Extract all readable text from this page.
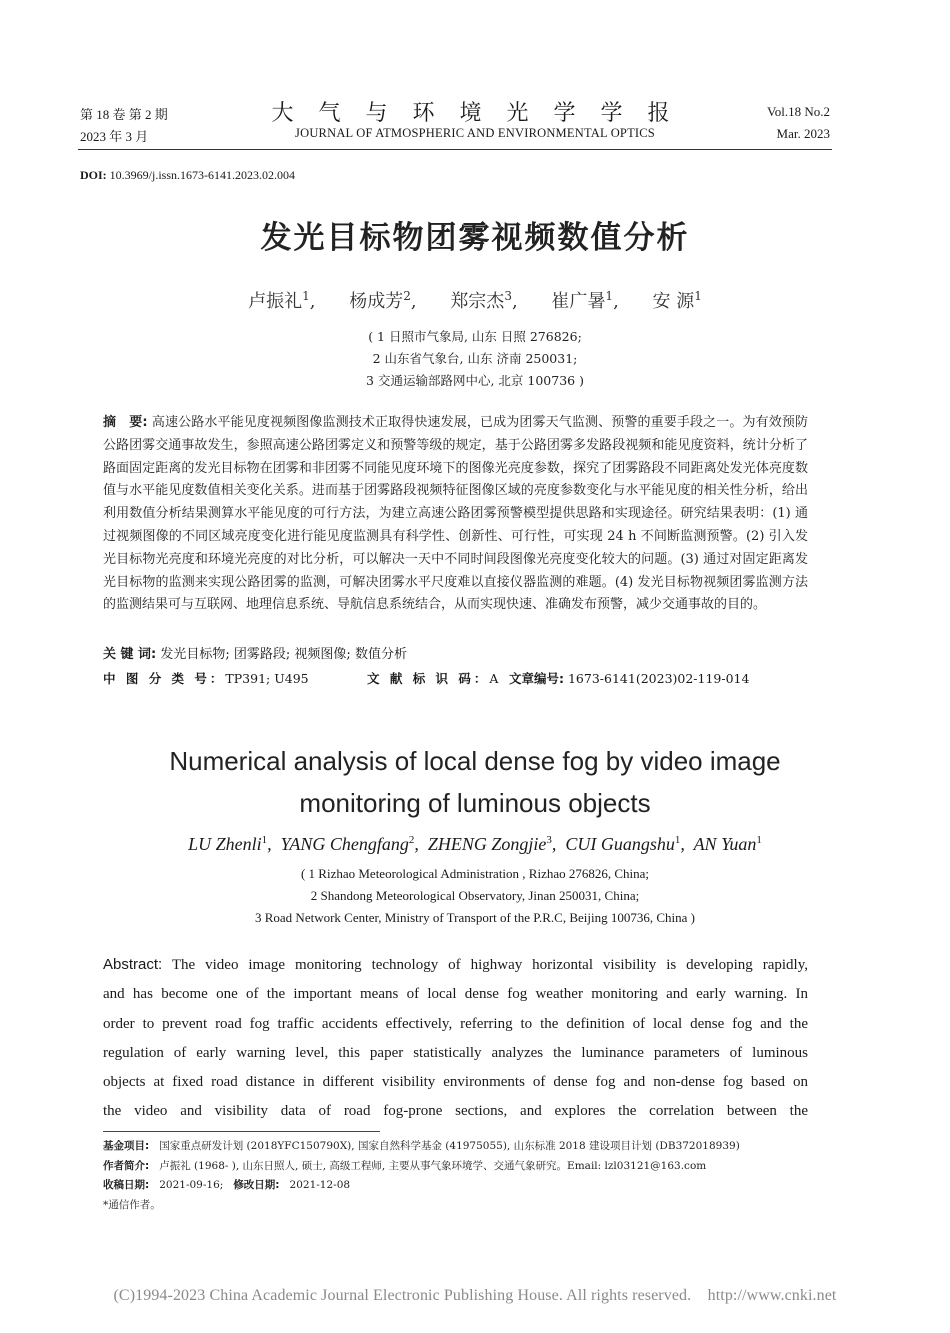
第 18 卷 第 2 期
2023 年 3 月
大 气 与 环 境 光 学 学 报
JOURNAL OF ATMOSPHERIC AND ENVIRONMENTAL OPTICS
Vol.18 No.2
Mar. 2023
DOI: 10.3969/j.issn.1673-6141.2023.02.004
发光目标物团雾视频数值分析
卢振礼$^1$, 杨成芳$^2$, 郑宗杰$^3$, 崔广暑$^1$, 安 源$^1$
( 1 日照市气象局, 山东 日照 276826;
2 山东省气象台, 山东 济南 250031;
3 交通运输部路网中心, 北京 100736 )
摘　要: 高速公路水平能见度视频图像监测技术正取得快速发展，已成为团雾天气监测、预警的重要手段之一。为有效预防公路团雾交通事故发生，参照高速公路团雾定义和预警等级的规定，基于公路团雾多发路段视频和能见度资料，统计分析了路面固定距离的发光目标物在团雾和非团雾不同能见度环境下的图像光亮度参数，探究了团雾路段不同距离处发光体亮度数值与水平能见度数值相关变化关系。进而基于团雾路段视频特征图像区域的亮度参数变化与水平能见度的相关性分析，给出利用数值分析结果测算水平能见度的可行方法，为建立高速公路团雾预警模型提供思路和实现途径。研究结果表明：(1) 通过视频图像的不同区域亮度变化进行能见度监测具有科学性、创新性、可行性，可实现 24 h 不间断监测预警。(2) 引入发光目标物光亮度和环境光亮度的对比分析，可以解决一天中不同时间段图像光亮度变化较大的问题。(3) 通过对固定距离发光目标物的监测来实现公路团雾的监测，可解决团雾水平尺度难以直接仪器监测的难题。(4) 发光目标物视频团雾监测方法的监测结果可与互联网、地理信息系统、导航信息系统结合，从而实现快速、准确发布预警，减少交通事故的目的。
关 键 词: 发光目标物; 团雾路段; 视频图像; 数值分析
中 图 分 类 号：TP391; U495	文 献 标 识 码：A 文章编号: 1673-6141(2023)02-119-014
Numerical analysis of local dense fog by video image
monitoring of luminous objects
LU Zhenli$^1$, YANG Chengfang$^2$, ZHENG Zongjie$^3$, CUI Guangshu$^1$, AN Yuan$^1$
( 1 Rizhao Meteorological Administration , Rizhao 276826, China;
2 Shandong Meteorological Observatory, Jinan 250031, China;
3 Road Network Center, Ministry of Transport of the P.R.C, Beijing 100736, China )
Abstract: The video image monitoring technology of highway horizontal visibility is developing rapidly,
and has become one of the important means of local dense fog weather monitoring and early warning. In
order to prevent road fog traffic accidents effectively, referring to the definition of local dense fog and the
regulation of early warning level, this paper statistically analyzes the luminance parameters of luminous
objects at fixed road distance in different visibility environments of dense fog and non-dense fog based on
the video and visibility data of road fog-prone sections, and explores the correlation between the
基金项目: 国家重点研发计划 (2018YFC150790X), 国家自然科学基金 (41975055), 山东标准 2018 建设项目计划 (DB372018939)
作者简介: 卢振礼 (1968- ), 山东日照人, 硕士, 高级工程师, 主要从事气象环境学、交通气象研究。Email: lzl03121@163.com
收稿日期: 2021-09-16; 修改日期: 2021-12-08
*通信作者。
(C)1994-2023 China Academic Journal Electronic Publishing House. All rights reserved.    http://www.cnki.net
